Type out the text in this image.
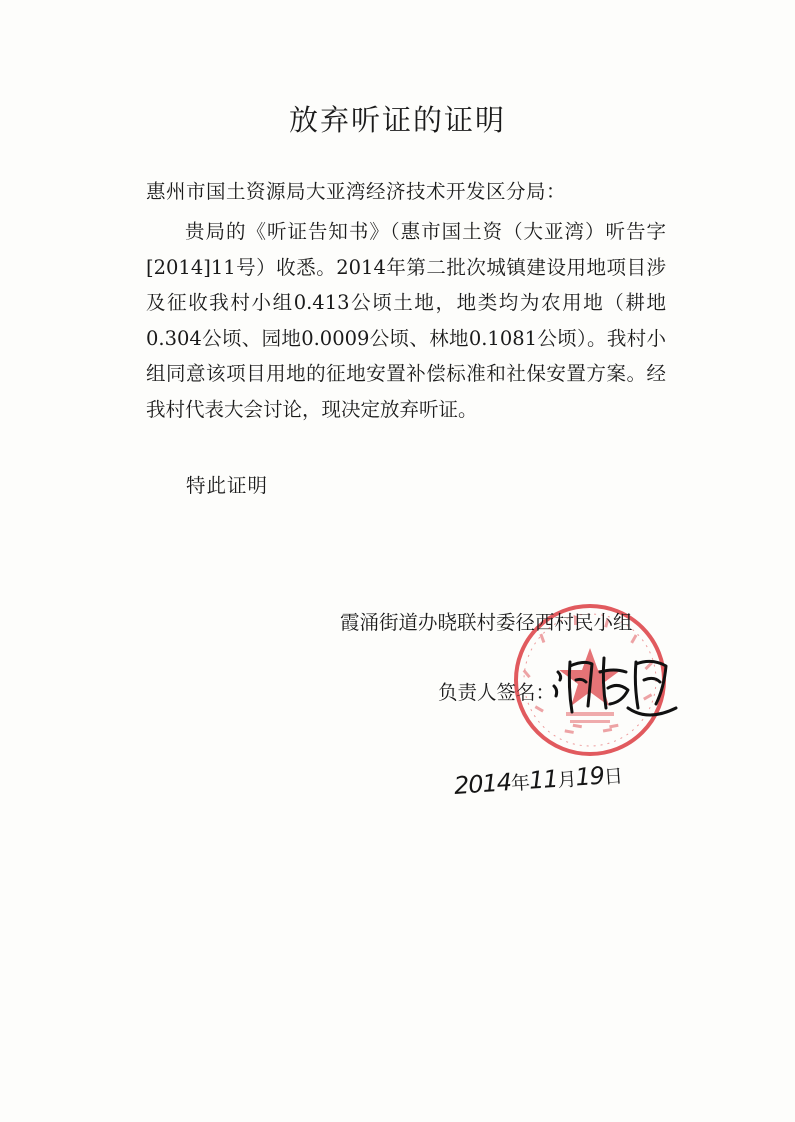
放弃听证的证明
惠州市国土资源局大亚湾经济技术开发区分局：

贵局的《听证告知书》（惠市国土资（大亚湾）听告字[2014]11号）收悉。2014年第二批次城镇建设用地项目涉及征收我村小组0.413公顷土地，地类均为农用地（耕地0.304公顷、园地0.0009公顷、林地0.1081公顷）。我村小组同意该项目用地的征地安置补偿标准和社保安置方案。经我村代表大会讨论，现决定放弃听证。

特此证明
霞涌街道办晓联村委径西村民小组
负责人签名：
2014年11月19日
